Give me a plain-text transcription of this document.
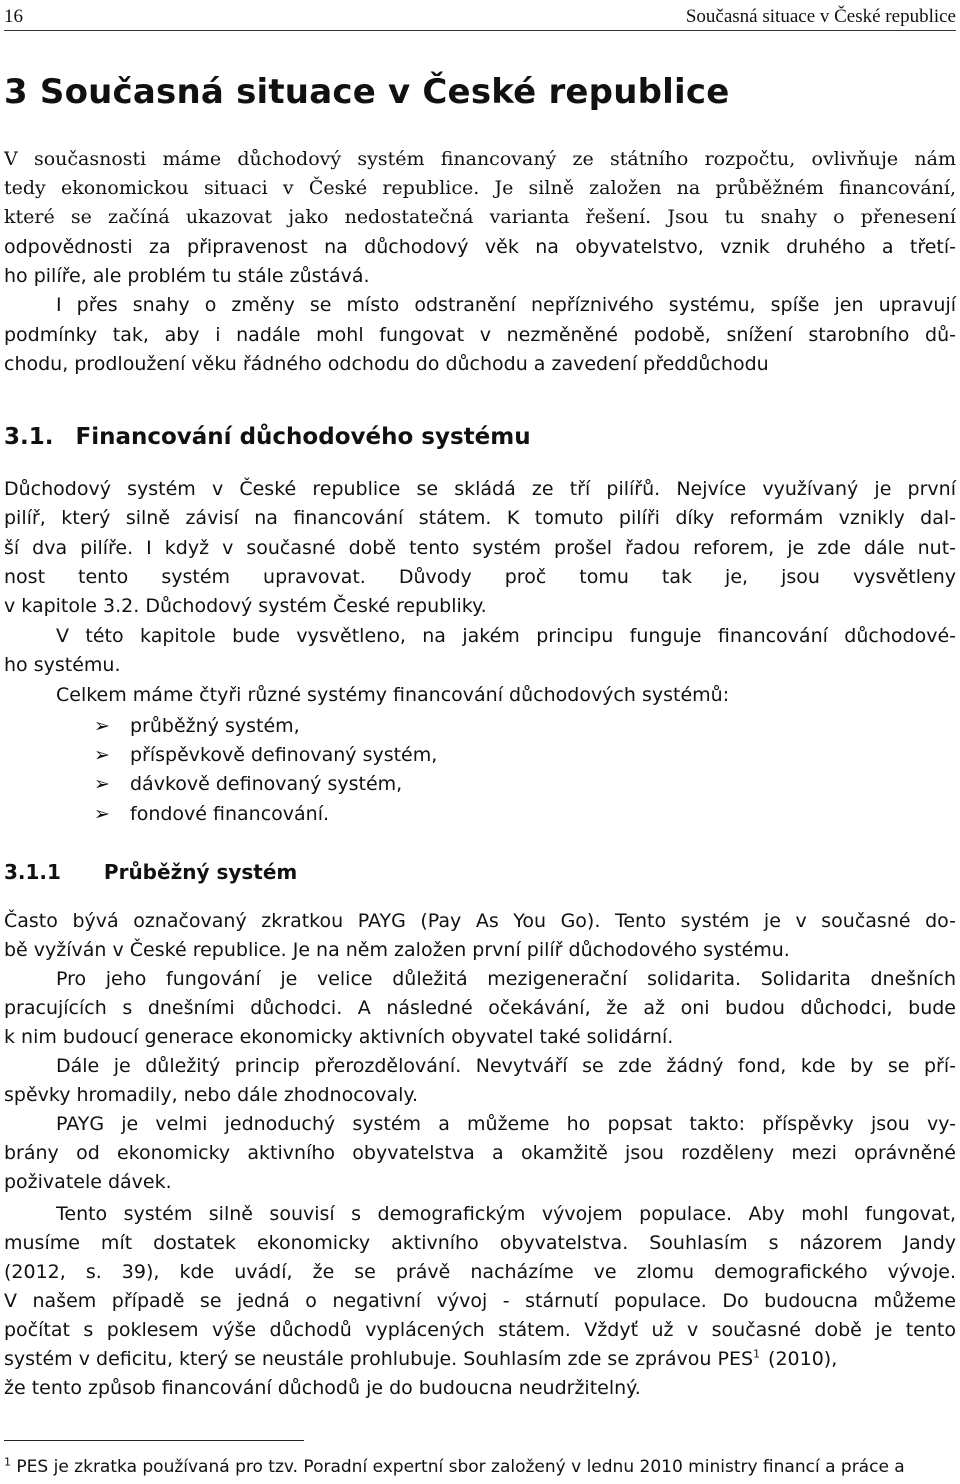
16	Současná situace v České republice
3 Současná situace v České republice
V současnosti máme důchodový systém financovaný ze státního rozpočtu, ovlivňuje nám
tedy ekonomickou situaci v České republice. Je silně založen na průběžném financování,
které se začíná ukazovat jako nedostatečná varianta řešení. Jsou tu snahy o přenesení
odpovědnosti za připravenost na důchodový věk na obyvatelstvo, vznik druhého a třetí-
ho pilíře, ale problém tu stále zůstává.
I přes snahy o změny se místo odstranění nepříznivého systému, spíše jen upravují
podmínky tak, aby i nadále mohl fungovat v nezměněné podobě, snížení starobního dů-
chodu, prodloužení věku řádného odchodu do důchodu a zavedení předdůchodu
3.1. Financování důchodového systému
Důchodový systém v České republice se skládá ze tří pilířů. Nejvíce využívaný je první
pilíř, který silně závisí na financování státem. K tomuto pilíři díky reformám vznikly dal-
ší dva pilíře. I když v současné době tento systém prošel řadou reforem, je zde dále nut-
nost tento systém upravovat. Důvody proč tomu tak je, jsou vysvětleny
v kapitole 3.2. Důchodový systém České republiky.
V této kapitole bude vysvětleno, na jakém principu funguje financování důchodové-
ho systému.
Celkem máme čtyři různé systémy financování důchodových systémů:
➢ průběžný systém,
➢ příspěvkově definovaný systém,
➢ dávkově definovaný systém,
➢ fondové financování.
3.1.1 Průběžný systém
Často bývá označovaný zkratkou PAYG (Pay As You Go). Tento systém je v současné do-
bě vyžíván v České republice. Je na něm založen první pilíř důchodového systému.
Pro jeho fungování je velice důležitá mezigenerační solidarita. Solidarita dnešních
pracujících s dnešními důchodci. A následné očekávání, že až oni budou důchodci, bude
k nim budoucí generace ekonomicky aktivních obyvatel také solidární.
Dále je důležitý princip přerozdělování. Nevytváří se zde žádný fond, kde by se pří-
spěvky hromadily, nebo dále zhodnocovaly.
PAYG je velmi jednoduchý systém a můžeme ho popsat takto: příspěvky jsou vy-
brány od ekonomicky aktivního obyvatelstva a okamžitě jsou rozděleny mezi oprávněné
poživatele dávek.
Tento systém silně souvisí s demografickým vývojem populace. Aby mohl fungovat,
musíme mít dostatek ekonomicky aktivního obyvatelstva. Souhlasím s názorem Jandy
(2012, s. 39), kde uvádí, že se právě nacházíme ve zlomu demografického vývoje.
V našem případě se jedná o negativní vývoj - stárnutí populace. Do budoucna můžeme
počítat s poklesem výše důchodů vyplácených státem. Vždyť už v současné době je tento
systém v deficitu, který se neustále prohlubuje. Souhlasím zde se zprávou PES$^1$ (2010),
že tento způsob financování důchodů je do budoucna neudržitelný.
$^1$ PES je zkratka používaná pro tzv. Poradní expertní sbor založený v lednu 2010 ministry financí a práce a
